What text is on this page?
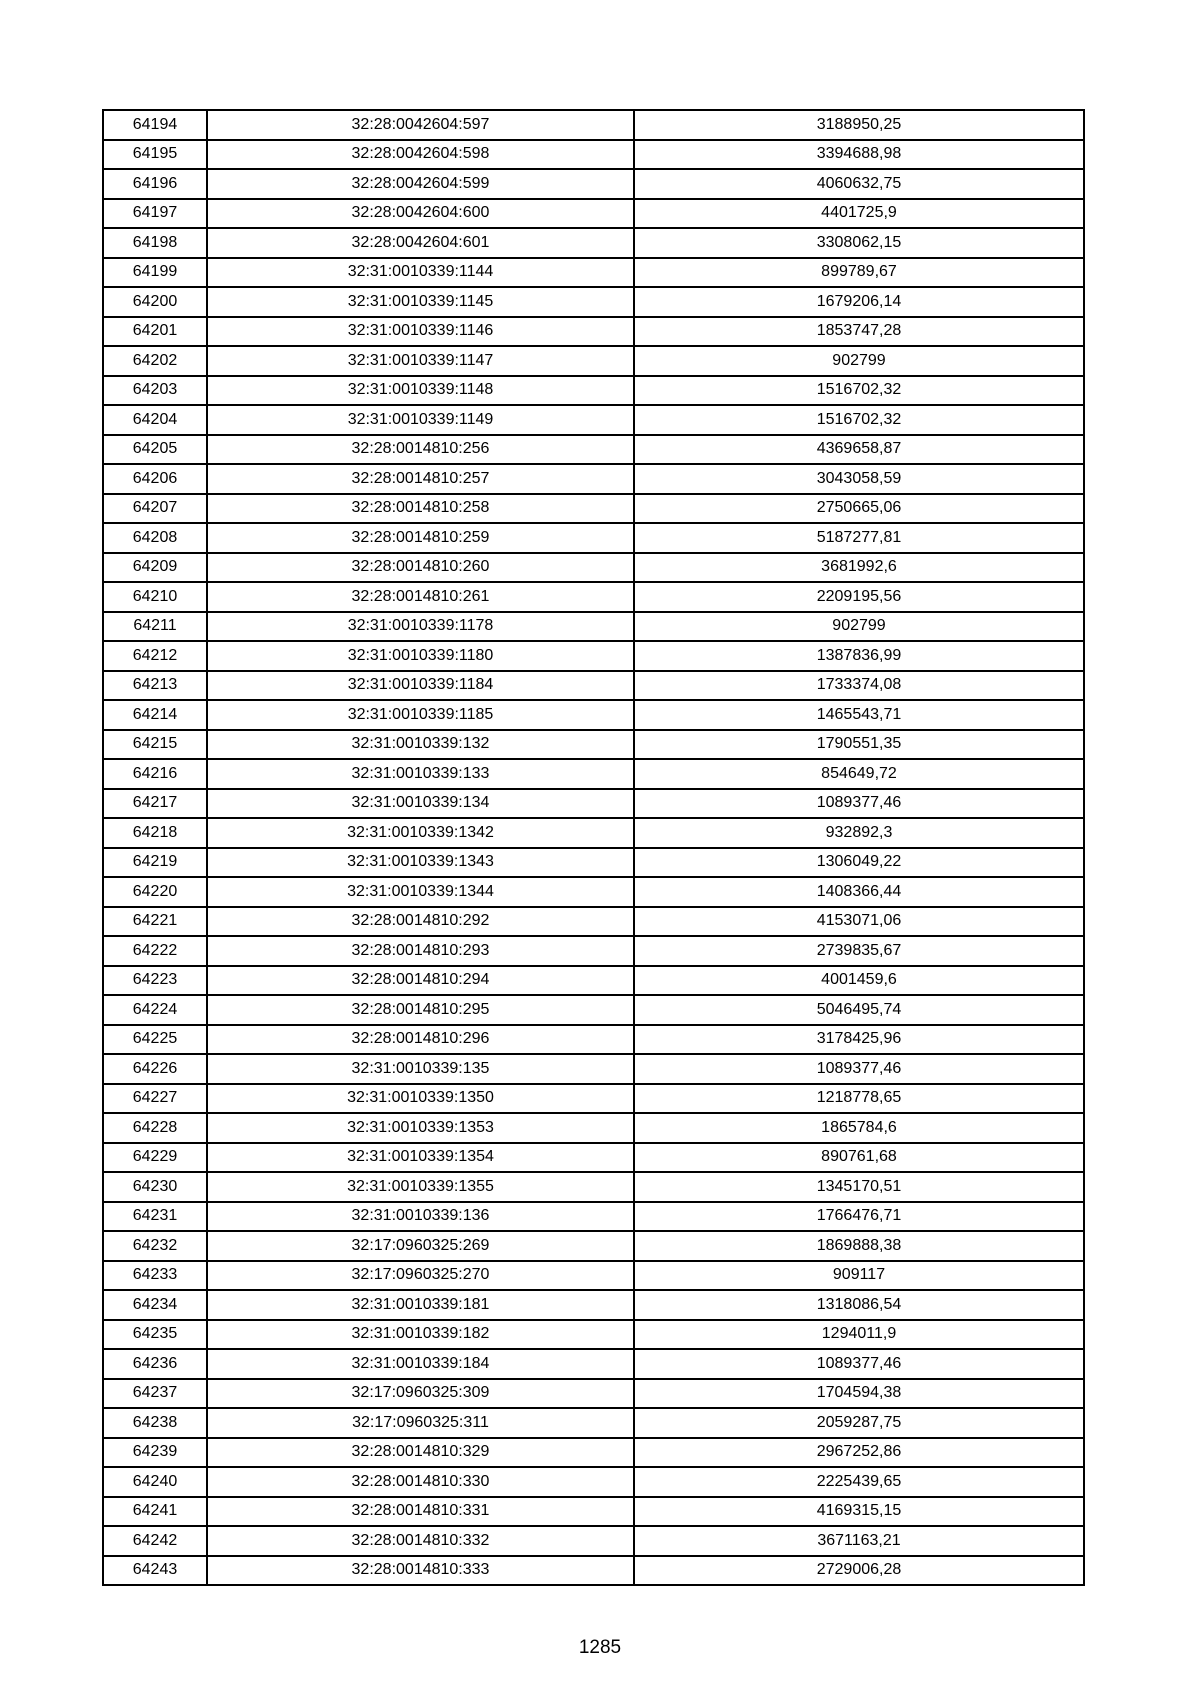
64194	32:28:0042604:597	3188950,25
64195	32:28:0042604:598	3394688,98
64196	32:28:0042604:599	4060632,75
64197	32:28:0042604:600	4401725,9
64198	32:28:0042604:601	3308062,15
64199	32:31:0010339:1144	899789,67
64200	32:31:0010339:1145	1679206,14
64201	32:31:0010339:1146	1853747,28
64202	32:31:0010339:1147	902799
64203	32:31:0010339:1148	1516702,32
64204	32:31:0010339:1149	1516702,32
64205	32:28:0014810:256	4369658,87
64206	32:28:0014810:257	3043058,59
64207	32:28:0014810:258	2750665,06
64208	32:28:0014810:259	5187277,81
64209	32:28:0014810:260	3681992,6
64210	32:28:0014810:261	2209195,56
64211	32:31:0010339:1178	902799
64212	32:31:0010339:1180	1387836,99
64213	32:31:0010339:1184	1733374,08
64214	32:31:0010339:1185	1465543,71
64215	32:31:0010339:132	1790551,35
64216	32:31:0010339:133	854649,72
64217	32:31:0010339:134	1089377,46
64218	32:31:0010339:1342	932892,3
64219	32:31:0010339:1343	1306049,22
64220	32:31:0010339:1344	1408366,44
64221	32:28:0014810:292	4153071,06
64222	32:28:0014810:293	2739835,67
64223	32:28:0014810:294	4001459,6
64224	32:28:0014810:295	5046495,74
64225	32:28:0014810:296	3178425,96
64226	32:31:0010339:135	1089377,46
64227	32:31:0010339:1350	1218778,65
64228	32:31:0010339:1353	1865784,6
64229	32:31:0010339:1354	890761,68
64230	32:31:0010339:1355	1345170,51
64231	32:31:0010339:136	1766476,71
64232	32:17:0960325:269	1869888,38
64233	32:17:0960325:270	909117
64234	32:31:0010339:181	1318086,54
64235	32:31:0010339:182	1294011,9
64236	32:31:0010339:184	1089377,46
64237	32:17:0960325:309	1704594,38
64238	32:17:0960325:311	2059287,75
64239	32:28:0014810:329	2967252,86
64240	32:28:0014810:330	2225439,65
64241	32:28:0014810:331	4169315,15
64242	32:28:0014810:332	3671163,21
64243	32:28:0014810:333	2729006,28
1285
